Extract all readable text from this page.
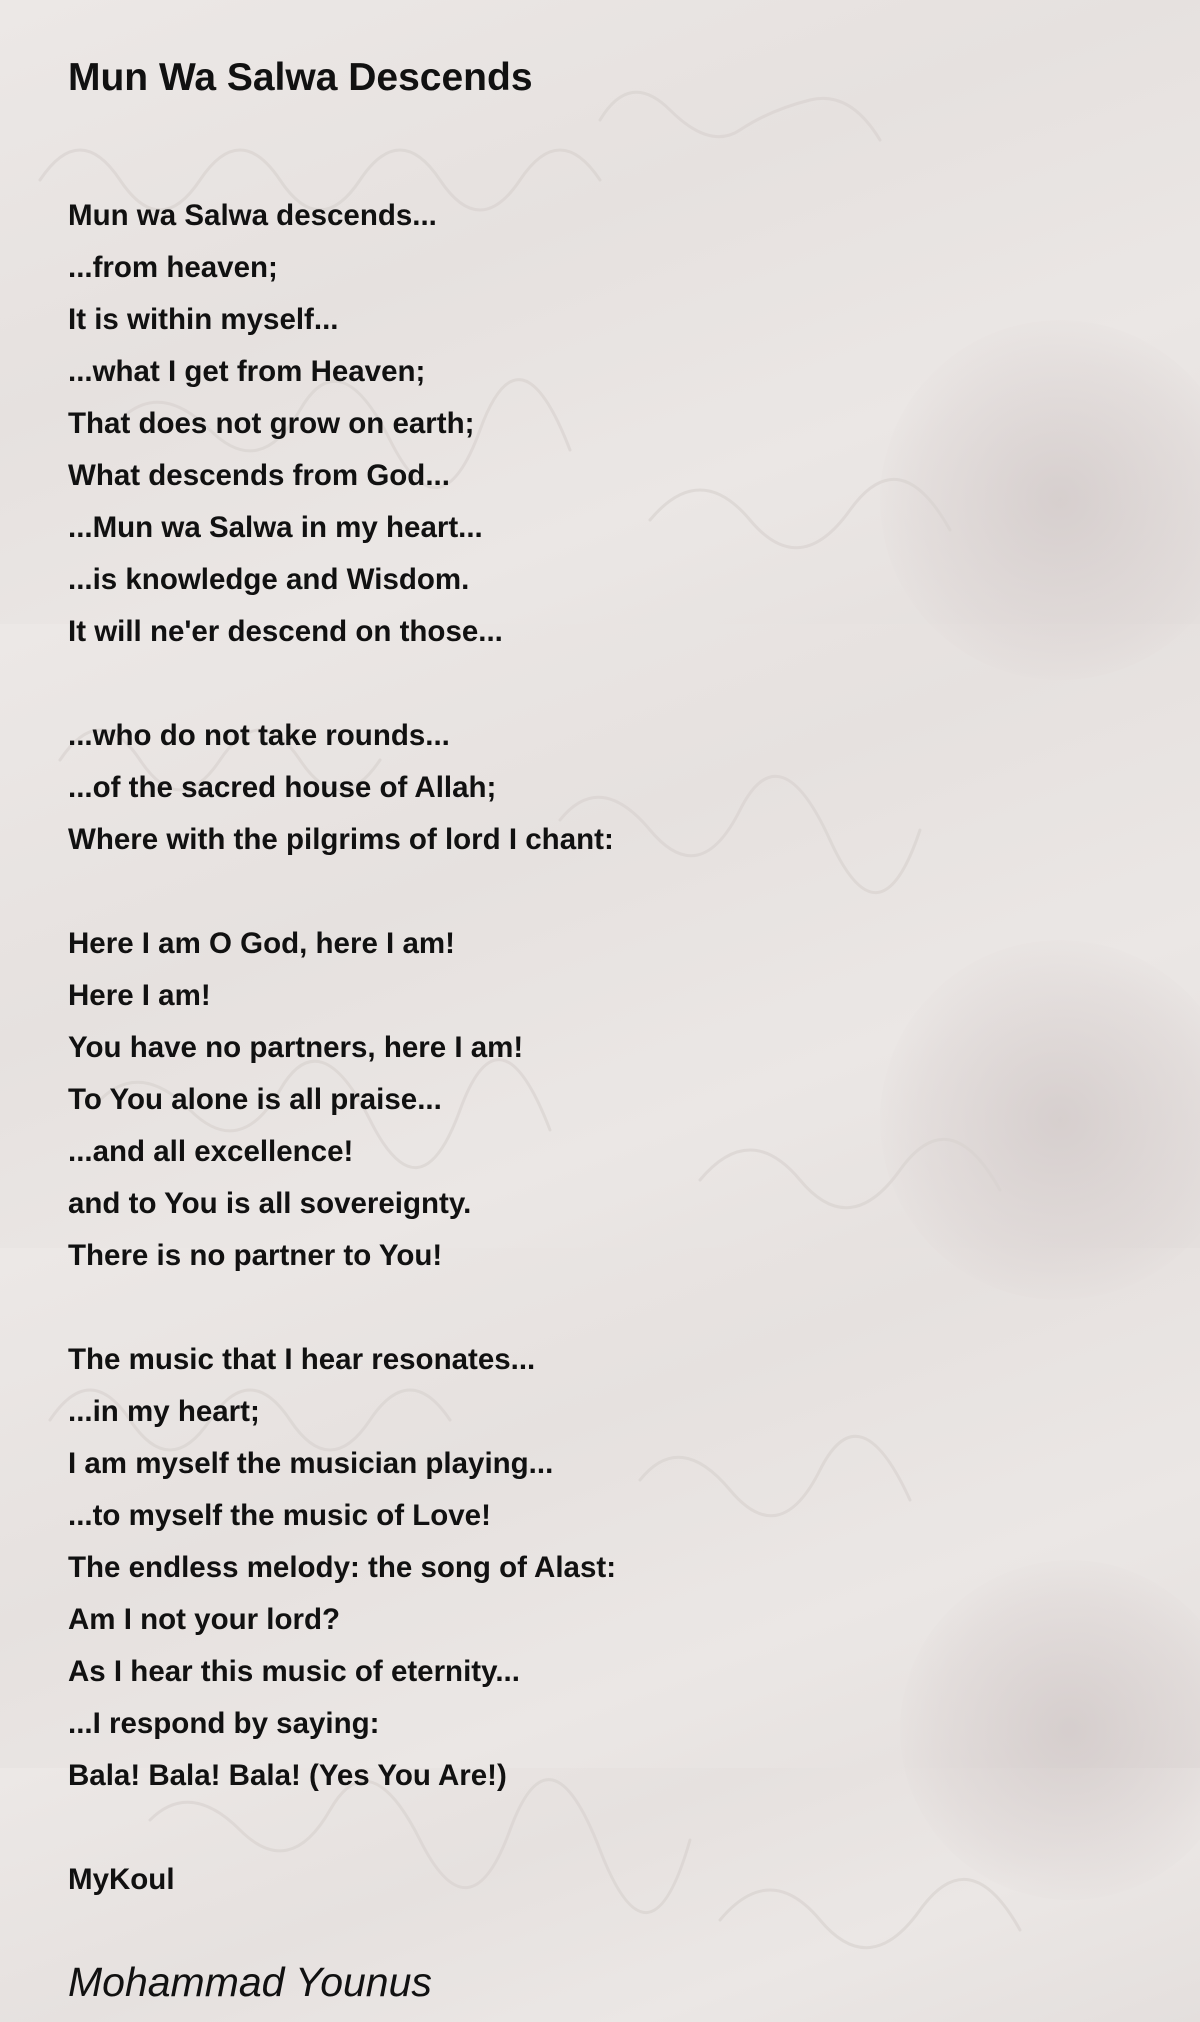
Mun Wa Salwa Descends
Mun wa Salwa descends...
...from heaven;
It is within myself...
...what I get from Heaven;
That does not grow on earth;
What descends from God...
...Mun wa Salwa in my heart...
...is knowledge and Wisdom.
It will ne'er descend on those...
...who do not take rounds...
...of the sacred house of Allah;
Where with the pilgrims of lord I chant:
Here I am O God, here I am!
Here I am!
You have no partners, here I am!
To You alone is all praise...
...and all excellence!
and to You is all sovereignty.
There is no partner to You!
The music that I hear resonates...
...in my heart;
I am myself the musician playing...
...to myself the music of Love!
The endless melody: the song of Alast:
Am I not your lord?
As I hear this music of eternity...
...I respond by saying:
Bala! Bala! Bala! (Yes You Are!)
MyKoul
Mohammad Younus
